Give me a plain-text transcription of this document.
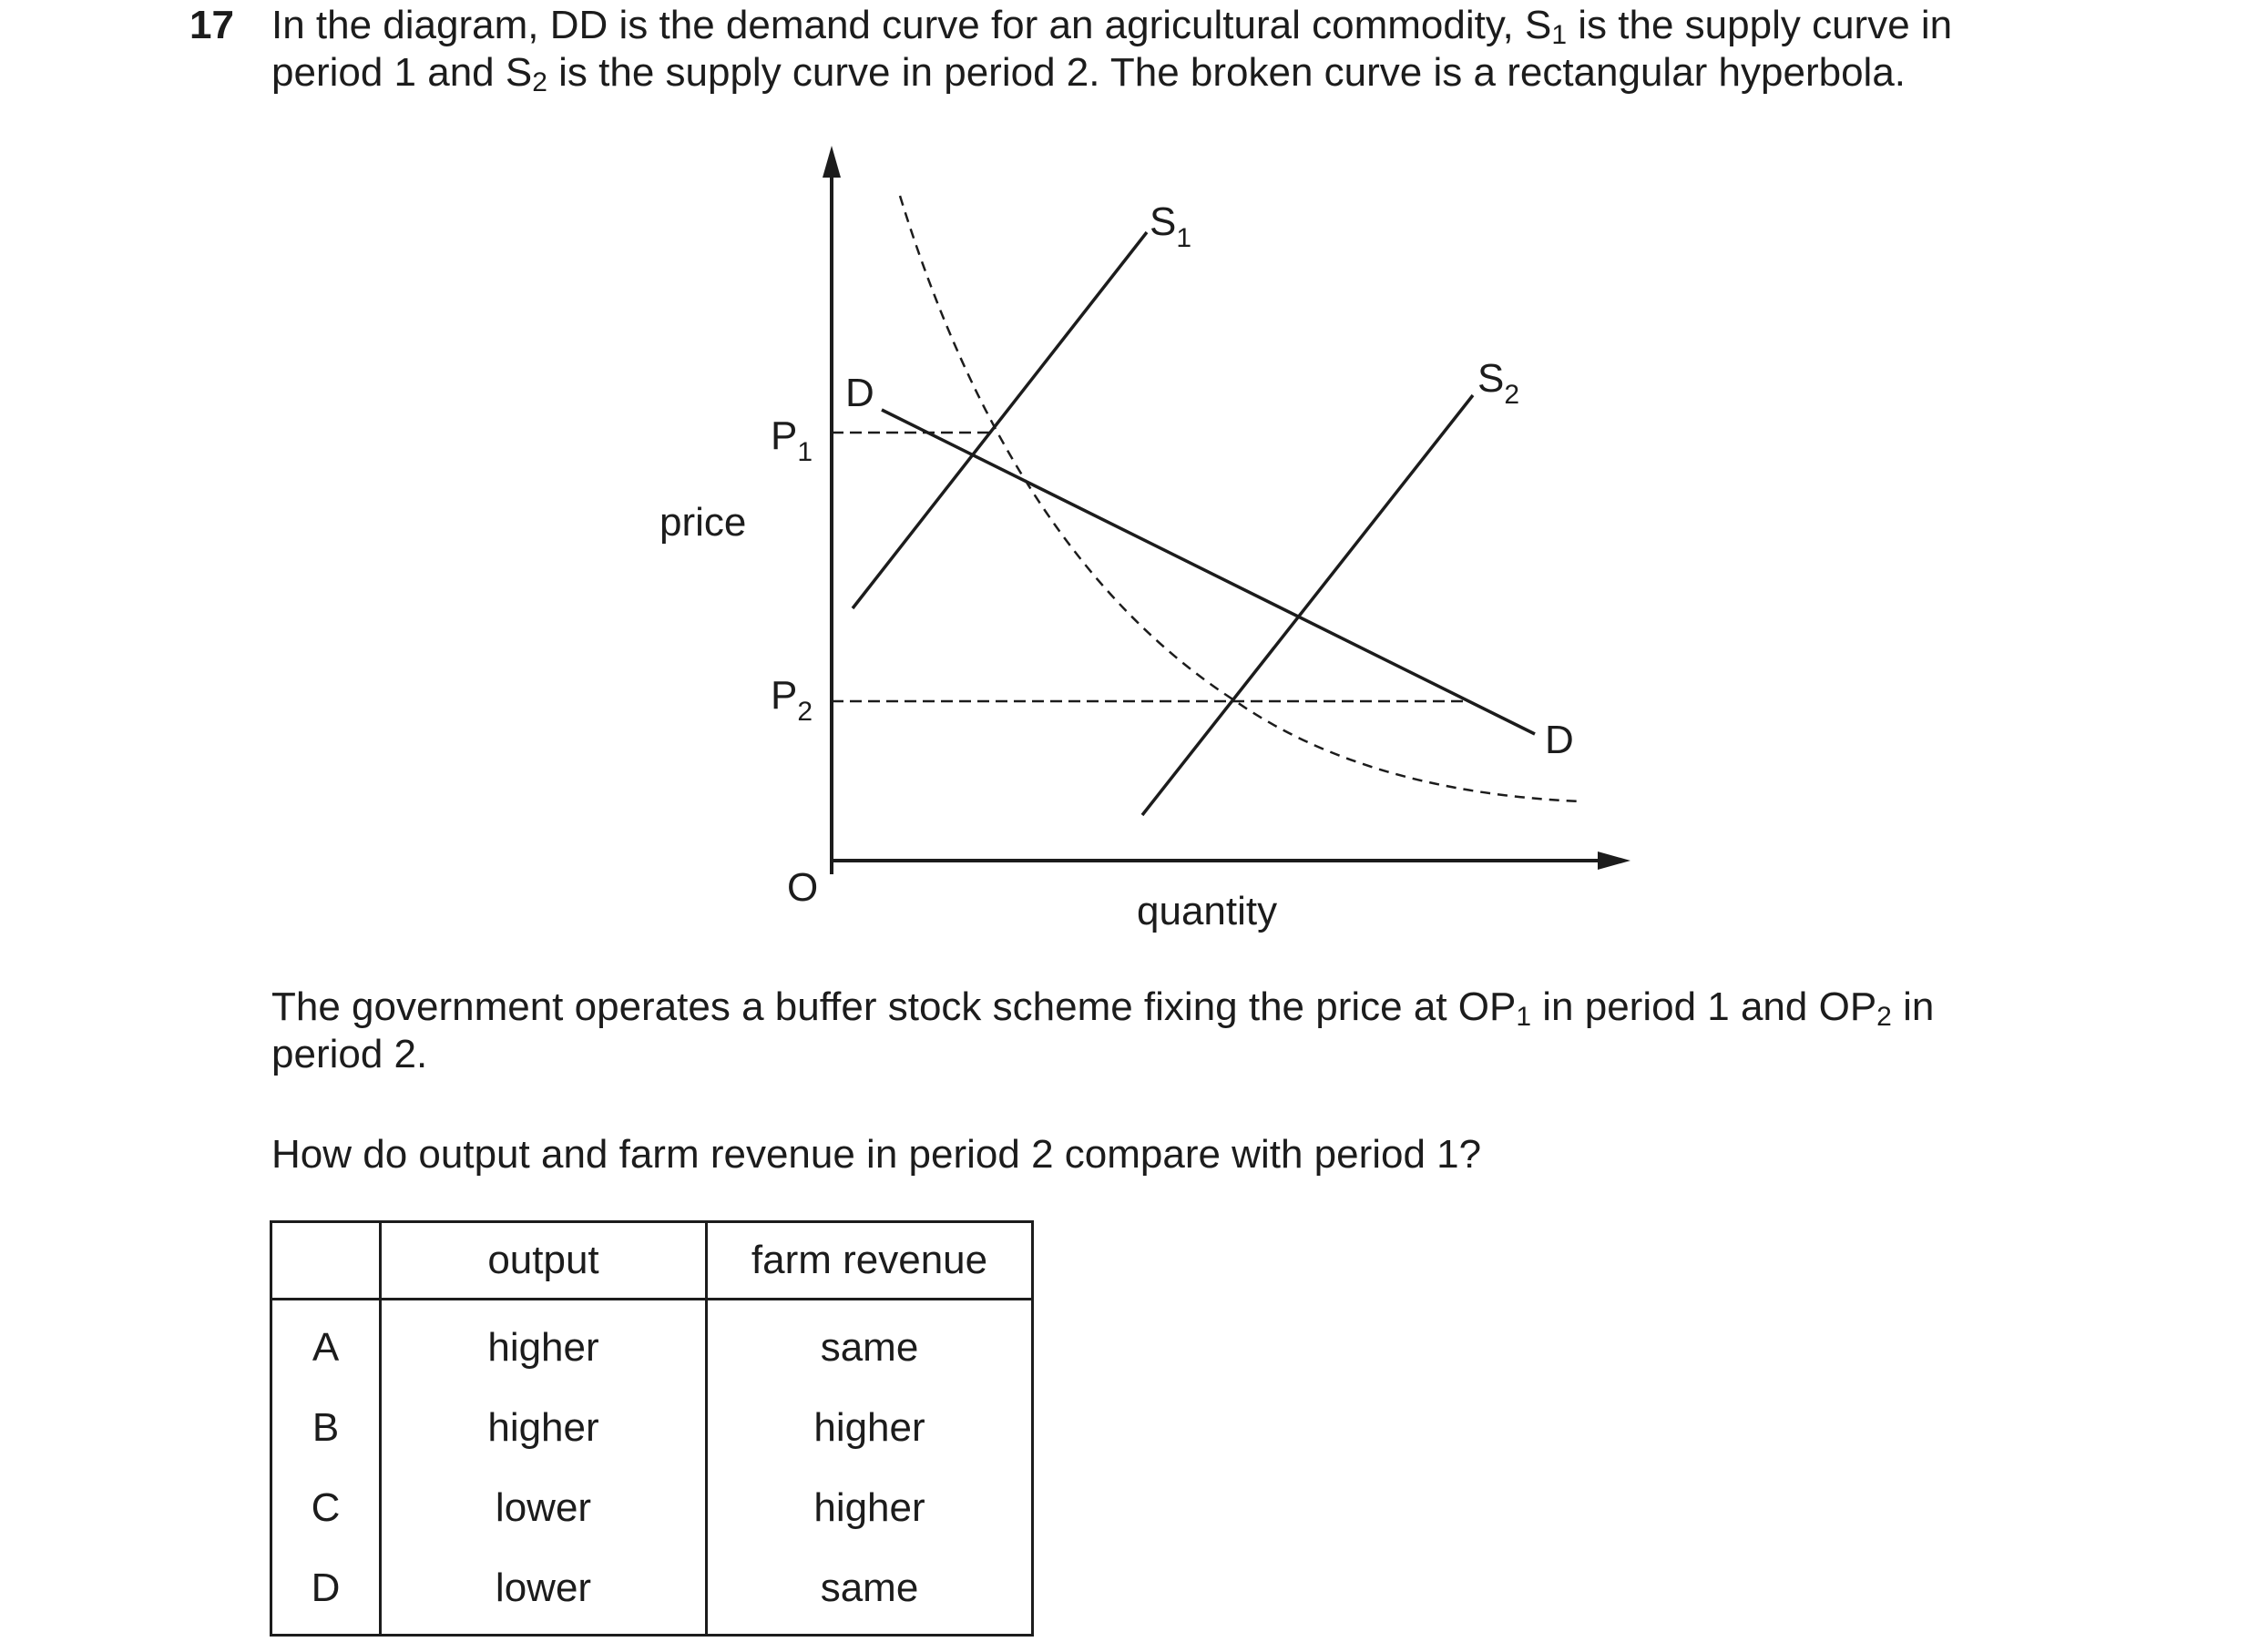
17 In the diagram, DD is the demand curve for an agricultural commodity, $S_1$ is the supply curve in
period 1 and $S_2$ is the supply curve in period 2. The broken curve is a rectangular hyperbola.
price
quantity
O
$P_1$
$P_2$
D
D
$S_1$
$S_2$
The government operates a buffer stock scheme fixing the price at $OP_1$ in period 1 and $OP_2$ in
period 2.
How do output and farm revenue in period 2 compare with period 1?
	output	farm revenue
A	higher	same
B	higher	higher
C	lower	higher
D	lower	same
